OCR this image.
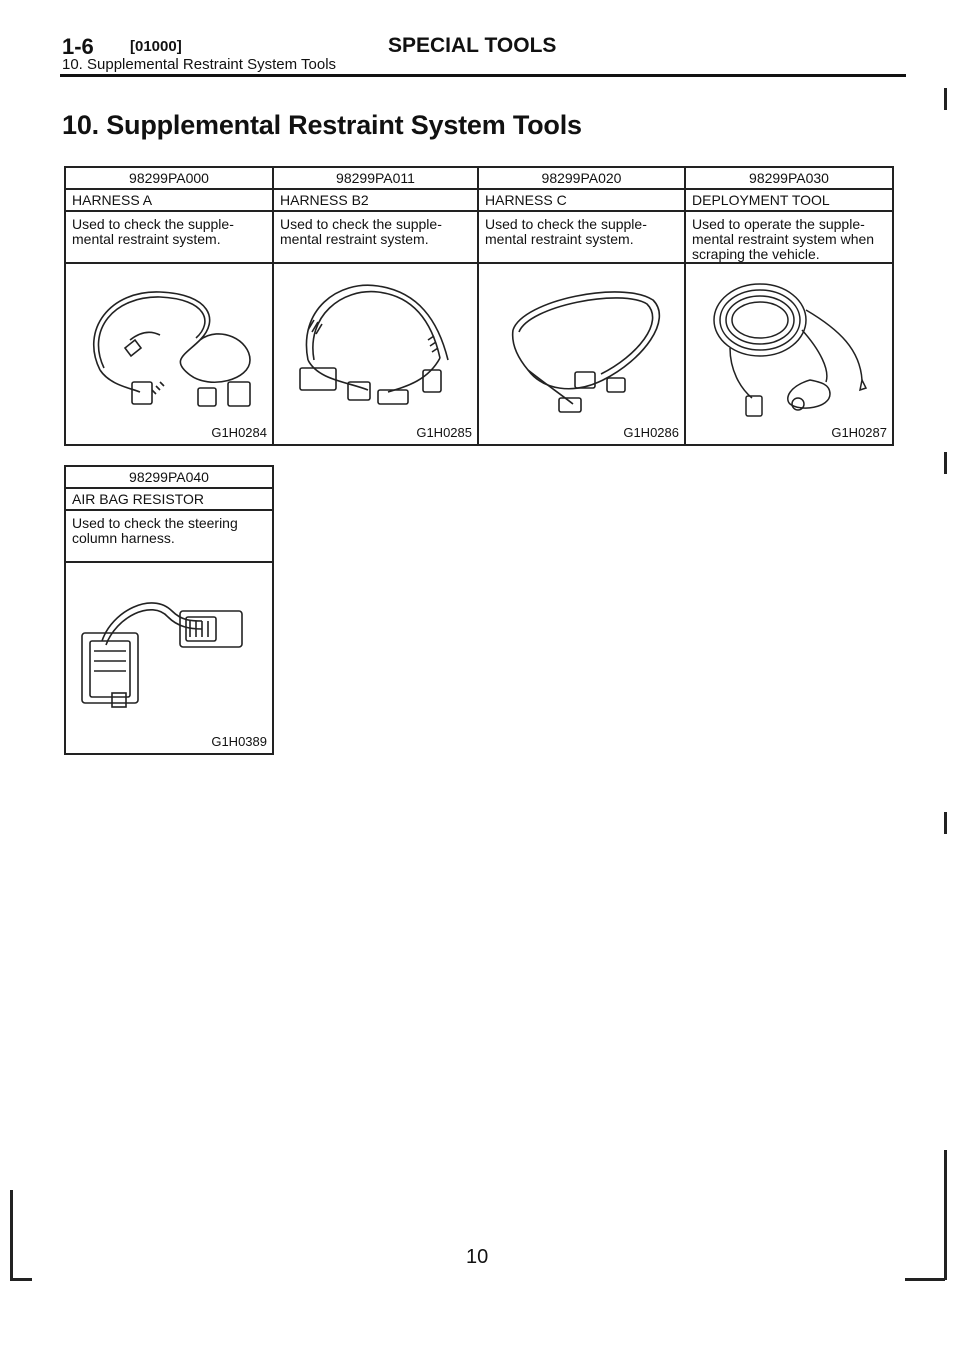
1-6 [01000]	SPECIAL TOOLS
10. Supplemental Restraint System Tools
10. Supplemental Restraint System Tools
98299PA000	98299PA011	98299PA020	98299PA030
HARNESS A	HARNESS B2	HARNESS C	DEPLOYMENT TOOL
Used to check the supple- mental restraint system.	Used to check the supple- mental restraint system.	Used to check the supple- mental restraint system.	Used to operate the supple- mental restraint system when scraping the vehicle.

G1H0284	G1H0285	G1H0286	G1H0287
98299PA040
AIR BAG RESISTOR
Used to check the steering column harness.

G1H0389
10
